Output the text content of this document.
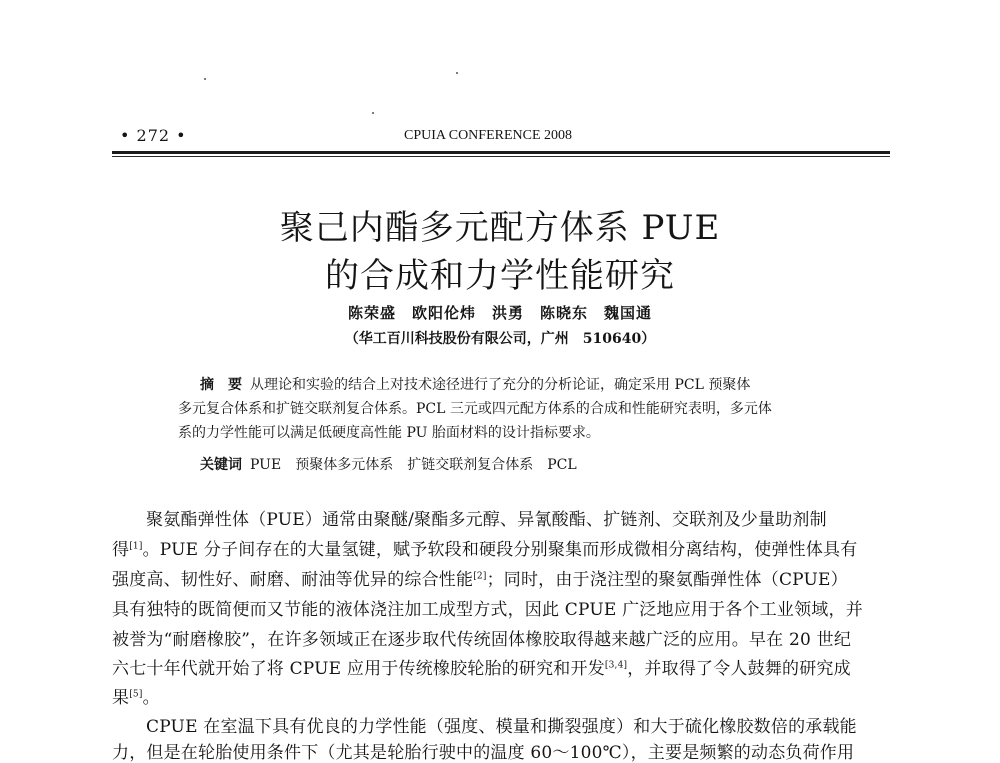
• 272 •	CPUIA CONFERENCE 2008
聚己内酯多元配方体系 PUE
的合成和力学性能研究
陈荣盛　欧阳伦炜　洪勇　陈晓东　魏国通
（华工百川科技股份有限公司，广州　510640）
摘　要 从理论和实验的结合上对技术途径进行了充分的分析论证，确定采用 PCL 预聚体
多元复合体系和扩链交联剂复合体系。PCL 三元或四元配方体系的合成和性能研究表明，多元体
系的力学性能可以满足低硬度高性能 PU 胎面材料的设计指标要求。
关键词 PUE　预聚体多元体系　扩链交联剂复合体系　PCL
聚氨酯弹性体（PUE）通常由聚醚/聚酯多元醇、异氰酸酯、扩链剂、交联剂及少量助剂制
得[1]。PUE 分子间存在的大量氢键，赋予软段和硬段分别聚集而形成微相分离结构，使弹性体具有
强度高、韧性好、耐磨、耐油等优异的综合性能[2]；同时，由于浇注型的聚氨酯弹性体（CPUE）
具有独特的既简便而又节能的液体浇注加工成型方式，因此 CPUE 广泛地应用于各个工业领域，并
被誉为“耐磨橡胶”，在许多领域正在逐步取代传统固体橡胶取得越来越广泛的应用。早在 20 世纪
六七十年代就开始了将 CPUE 应用于传统橡胶轮胎的研究和开发[3,4]，并取得了令人鼓舞的研究成
果[5]。
CPUE 在室温下具有优良的力学性能（强度、模量和撕裂强度）和大于硫化橡胶数倍的承载能
力，但是在轮胎使用条件下（尤其是轮胎行驶中的温度 60～100℃），主要是频繁的动态负荷作用
